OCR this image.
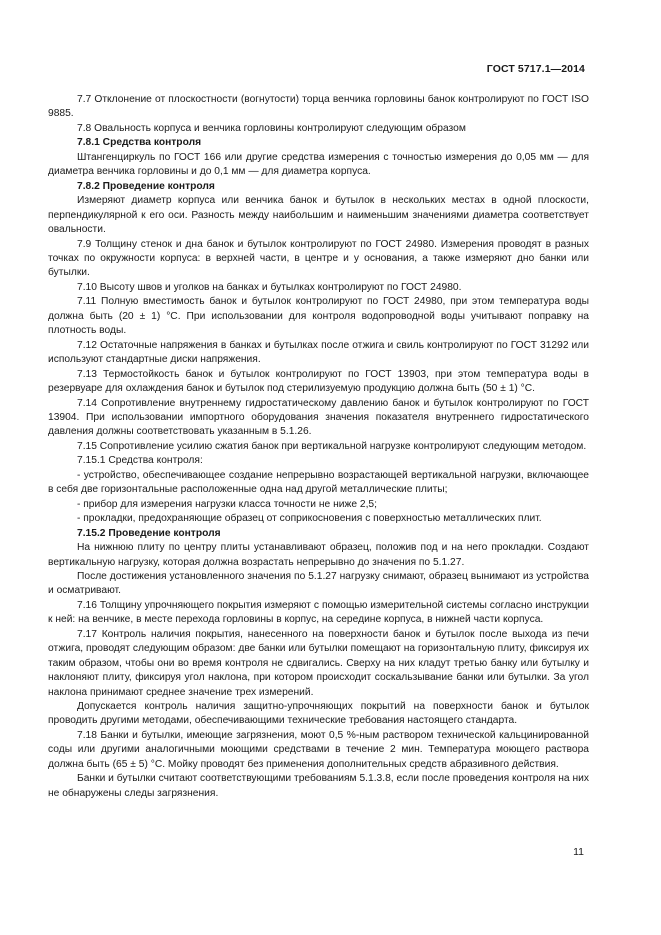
ГОСТ 5717.1—2014

7.7 Отклонение от плоскостности (вогнутости) торца венчика горловины банок контролируют по ГОСТ ISO 9885.

7.8 Овальность корпуса и венчика горловины контролируют следующим образом

7.8.1 Средства контроля

Штангенциркуль по ГОСТ 166 или другие средства измерения с точностью измерения до 0,05 мм — для диаметра венчика горловины и до 0,1 мм — для диаметра корпуса.

7.8.2 Проведение контроля

Измеряют диаметр корпуса или венчика банок и бутылок в нескольких местах в одной плоскости, перпендикулярной к его оси. Разность между наибольшим и наименьшим значениями диаметра соответствует овальности.

7.9 Толщину стенок и дна банок и бутылок контролируют по ГОСТ 24980. Измерения проводят в разных точках по окружности корпуса: в верхней части, в центре и у основания, а также измеряют дно банки или бутылки.

7.10 Высоту швов и уголков на банках и бутылках контролируют по ГОСТ 24980.

7.11 Полную вместимость банок и бутылок контролируют по ГОСТ 24980, при этом температура воды должна быть (20 ± 1) °С. При использовании для контроля водопроводной воды учитывают поправку на плотность воды.

7.12 Остаточные напряжения в банках и бутылках после отжига и свиль контролируют по ГОСТ 31292 или используют стандартные диски напряжения.

7.13 Термостойкость банок и бутылок контролируют по ГОСТ 13903, при этом температура воды в резервуаре для охлаждения банок и бутылок под стерилизуемую продукцию должна быть (50 ± 1) °С.

7.14 Сопротивление внутреннему гидростатическому давлению банок и бутылок контролируют по ГОСТ 13904. При использовании импортного оборудования значения показателя внутреннего гидростатического давления должны соответствовать указанным в 5.1.26.

7.15 Сопротивление усилию сжатия банок при вертикальной нагрузке контролируют следующим методом.

7.15.1 Средства контроля:

- устройство, обеспечивающее создание непрерывно возрастающей вертикальной нагрузки, включающее в себя две горизонтальные расположенные одна над другой металлические плиты;

- прибор для измерения нагрузки класса точности не ниже 2,5;

- прокладки, предохраняющие образец от соприкосновения с поверхностью металлических плит.

7.15.2 Проведение контроля

На нижнюю плиту по центру плиты устанавливают образец, положив под и на него прокладки. Создают вертикальную нагрузку, которая должна возрастать непрерывно до значения по 5.1.27.

После достижения установленного значения по 5.1.27 нагрузку снимают, образец вынимают из устройства и осматривают.

7.16 Толщину упрочняющего покрытия измеряют с помощью измерительной системы согласно инструкции к ней: на венчике, в месте перехода горловины в корпус, на середине корпуса, в нижней части корпуса.

7.17 Контроль наличия покрытия, нанесенного на поверхности банок и бутылок после выхода из печи отжига, проводят следующим образом: две банки или бутылки помещают на горизонтальную плиту, фиксируя их таким образом, чтобы они во время контроля не сдвигались. Сверху на них кладут третью банку или бутылку и наклоняют плиту, фиксируя угол наклона, при котором происходит соскальзывание банки или бутылки. За угол наклона принимают среднее значение трех измерений.

Допускается контроль наличия защитно-упрочняющих покрытий на поверхности банок и бутылок проводить другими методами, обеспечивающими технические требования настоящего стандарта.

7.18 Банки и бутылки, имеющие загрязнения, моют 0,5 %-ным раствором технической кальцинированной соды или другими аналогичными моющими средствами в течение 2 мин. Температура моющего раствора должна быть (65 ± 5) °С. Мойку проводят без применения дополнительных средств абразивного действия.

Банки и бутылки считают соответствующими требованиям 5.1.3.8, если после проведения контроля на них не обнаружены следы загрязнения.

11
